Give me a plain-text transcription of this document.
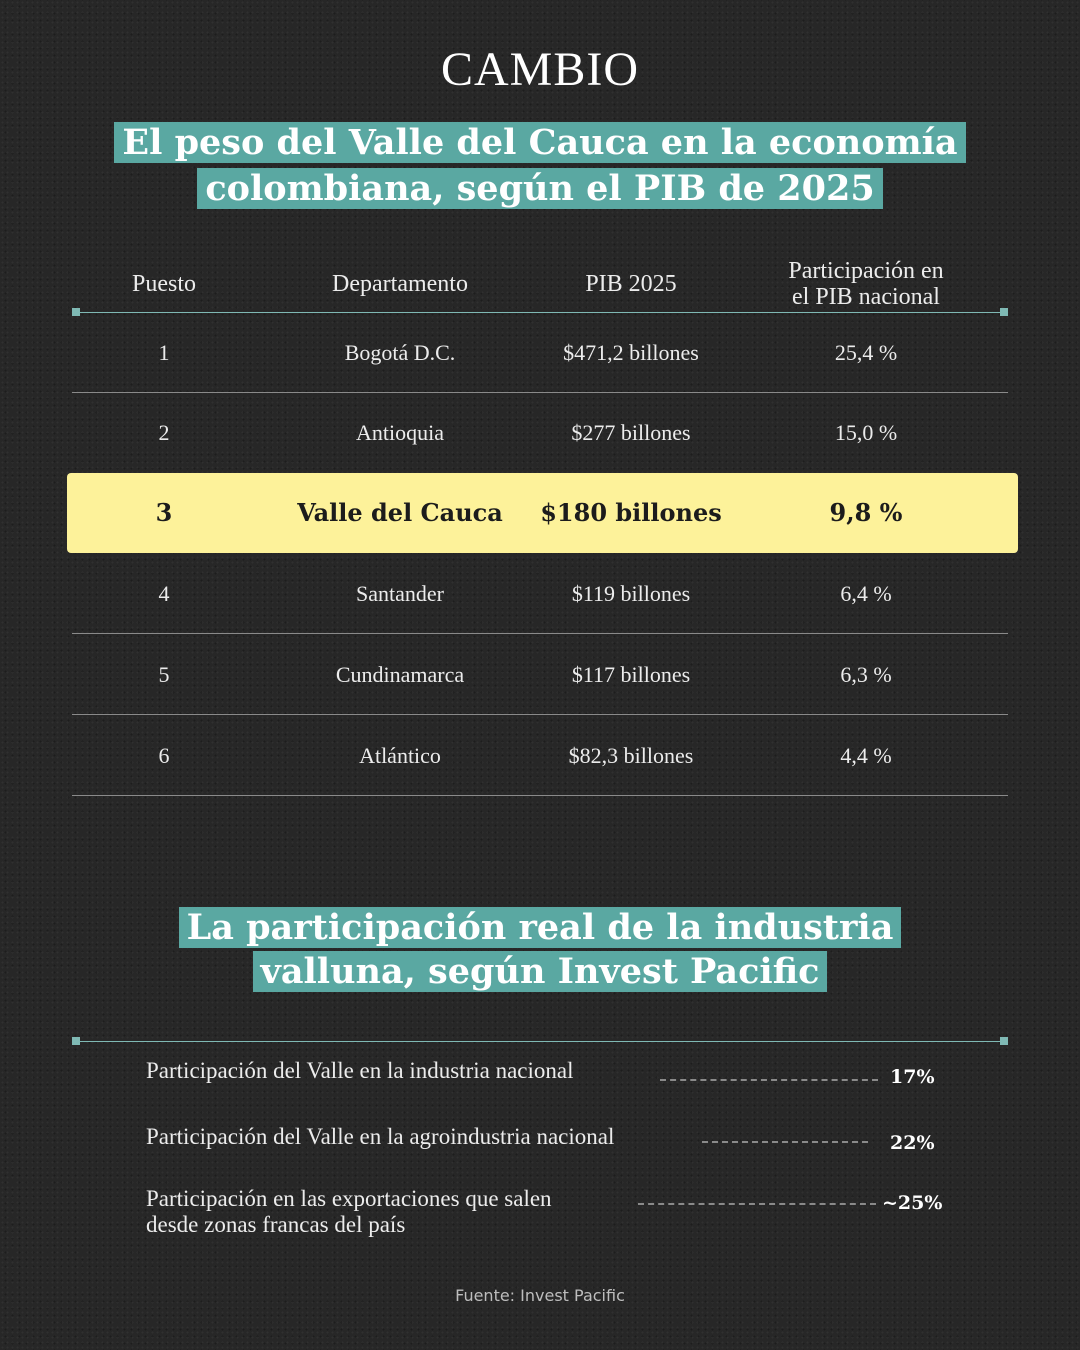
CAMBIO
El peso del Valle del Cauca en la economía
colombiana, según el PIB de 2025
Puesto	Departamento	PIB 2025	Participación en
el PIB nacional
1	Bogotá D.C.	$471,2 billones	25,4 %
2	Antioquia	$277 billones	15,0 %
3	Valle del Cauca	$180 billones	9,8 %
4	Santander	$119 billones	6,4 %
5	Cundinamarca	$117 billones	6,3 %
6	Atlántico	$82,3 billones	4,4 %
La participación real de la industria
valluna, según Invest Pacific
Participación del Valle en la industria nacional	17%
Participación del Valle en la agroindustria nacional	22%
Participación en las exportaciones que salen
desde zonas francas del país
~25%
Fuente: Invest Pacific
